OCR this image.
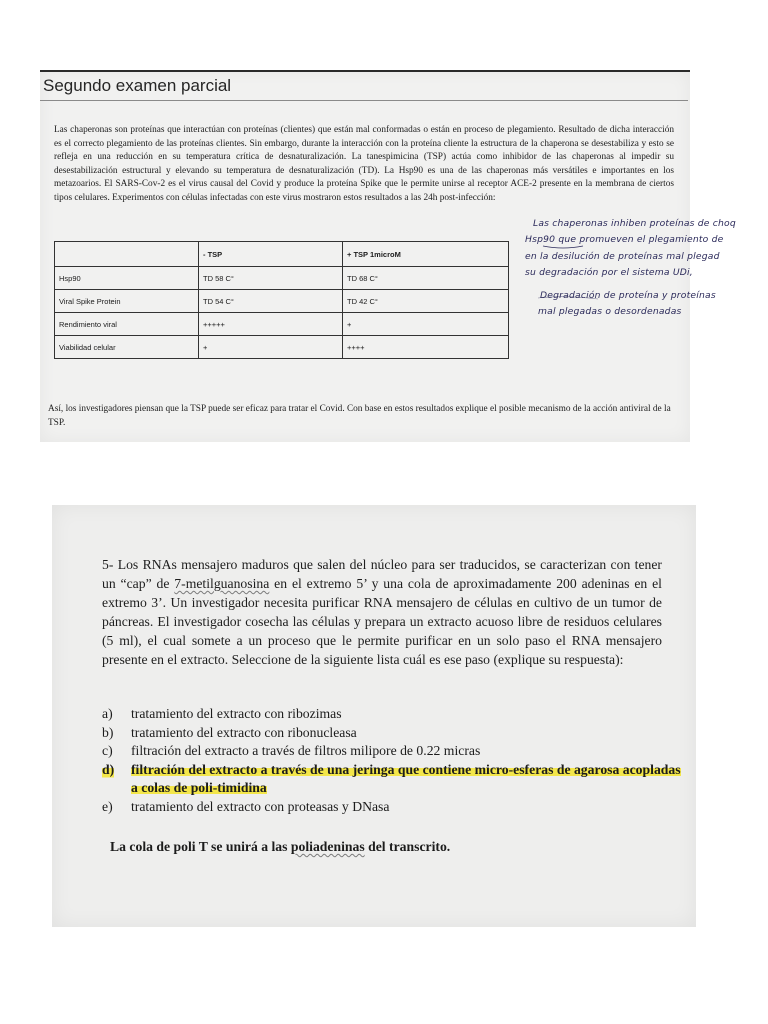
Segundo examen parcial
Las chaperonas son proteínas que interactúan con proteínas (clientes) que están mal conformadas o están en proceso de plegamiento. Resultado de dicha interacción es el correcto plegamiento de las proteínas clientes. Sin embargo, durante la interacción con la proteína cliente la estructura de la chaperona se desestabiliza y esto se refleja en una reducción en su temperatura crítica de desnaturalización. La tanespimicina (TSP) actúa como inhibidor de las chaperonas al impedir su desestabilización estructural y elevando su temperatura de desnaturalización (TD). La Hsp90 es una de las chaperonas más versátiles e importantes en los metazoarios. El SARS-Cov-2 es el virus causal del Covid y produce la proteína Spike que le permite unirse al receptor ACE-2 presente en la membrana de ciertos tipos celulares. Experimentos con células infectadas con este virus mostraron estos resultados a las 24h post-infección:
	- TSP	+ TSP 1microM
Hsp90	TD 58 C°	TD 68 C°
Viral Spike Protein	TD 54 C°	TD 42 C°
Rendimiento viral	+++++	+
Viabilidad celular	+	++++
Las chaperonas inhiben proteínas de choq
Hsp90 que promueven el plegamiento de
en la desilución de proteínas mal plegad
su degradación por el sistema UDi,
Degradación de proteína y proteínas
mal plegadas o desordenadas
Así, los investigadores piensan que la TSP puede ser eficaz para tratar el Covid. Con base en estos resultados explique el posible mecanismo de la acción antiviral de la TSP.
5- Los RNAs mensajero maduros que salen del núcleo para ser traducidos, se caracterizan con tener un “cap” de 7-metilguanosina en el extremo 5’ y una cola de aproximadamente 200 adeninas en el extremo 3’. Un investigador necesita purificar RNA mensajero de células en cultivo de un tumor de páncreas. El investigador cosecha las células y prepara un extracto acuoso libre de residuos celulares (5 ml), el cual somete a un proceso que le permite purificar en un solo paso el RNA mensajero presente en el extracto. Seleccione de la siguiente lista cuál es ese paso (explique su respuesta):
a) tratamiento del extracto con ribozimas
b) tratamiento del extracto con ribonucleasa
c) filtración del extracto a través de filtros milipore de 0.22 micras
d) filtración del extracto a través de una jeringa que contiene micro-esferas de agarosa acopladas a colas de poli-timidina
e) tratamiento del extracto con proteasas y DNasa
La cola de poli T se unirá a las poliadeninas del transcrito.
